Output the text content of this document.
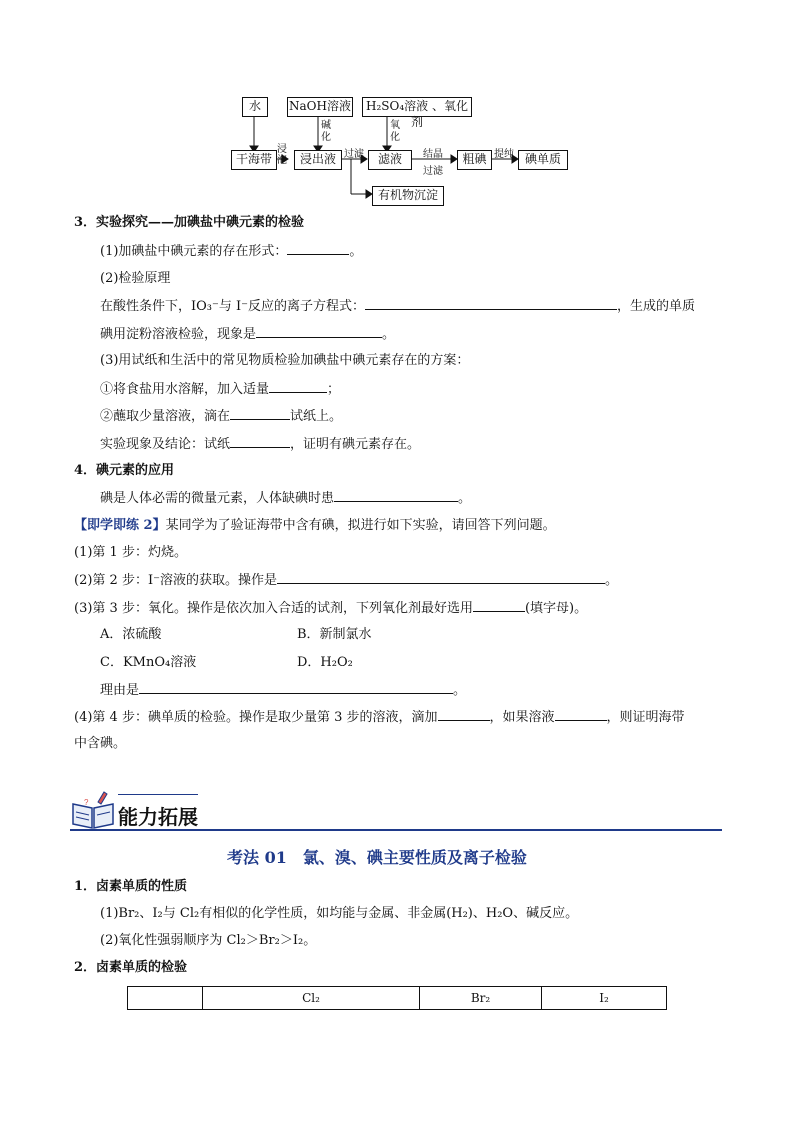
水	NaOH溶液	H₂SO₄溶液 、氧化剂
干海带	浸出液	滤液	粗碘	碘单质
有机物沉淀
浸泡
碱化
过滤
氧化
结晶
过滤
提纯
3．实验探究——加碘盐中碘元素的检验
(1)加碘盐中碘元素的存在形式：	。
(2)检验原理
在酸性条件下，IO₃⁻与 I⁻反应的离子方程式：	，生成的单质
碘用淀粉溶液检验，现象是	。
(3)用试纸和生活中的常见物质检验加碘盐中碘元素存在的方案：
①将食盐用水溶解，加入适量	；
②蘸取少量溶液，滴在	试纸上。
实验现象及结论：试纸	，证明有碘元素存在。
4．碘元素的应用
碘是人体必需的微量元素，人体缺碘时患	。
【即学即练 2】某同学为了验证海带中含有碘，拟进行如下实验，请回答下列问题。
(1)第 1 步：灼烧。
(2)第 2 步：I⁻溶液的获取。操作是	。
(3)第 3 步：氧化。操作是依次加入合适的试剂，下列氧化剂最好选用	(填字母)。
A．浓硫酸	B．新制氯水
C．KMnO₄溶液	D．H₂O₂
理由是	。
(4)第 4 步：碘单质的检验。操作是取少量第 3 步的溶液，滴加	，如果溶液	，则证明海带
中含碘。
?
能力拓展
考法 01　氯、溴、碘主要性质及离子检验
1．卤素单质的性质
(1)Br₂、I₂与 Cl₂有相似的化学性质，如均能与金属、非金属(H₂)、H₂O、碱反应。
(2)氧化性强弱顺序为 Cl₂＞Br₂＞I₂。
2．卤素单质的检验
	Cl₂	Br₂	I₂
